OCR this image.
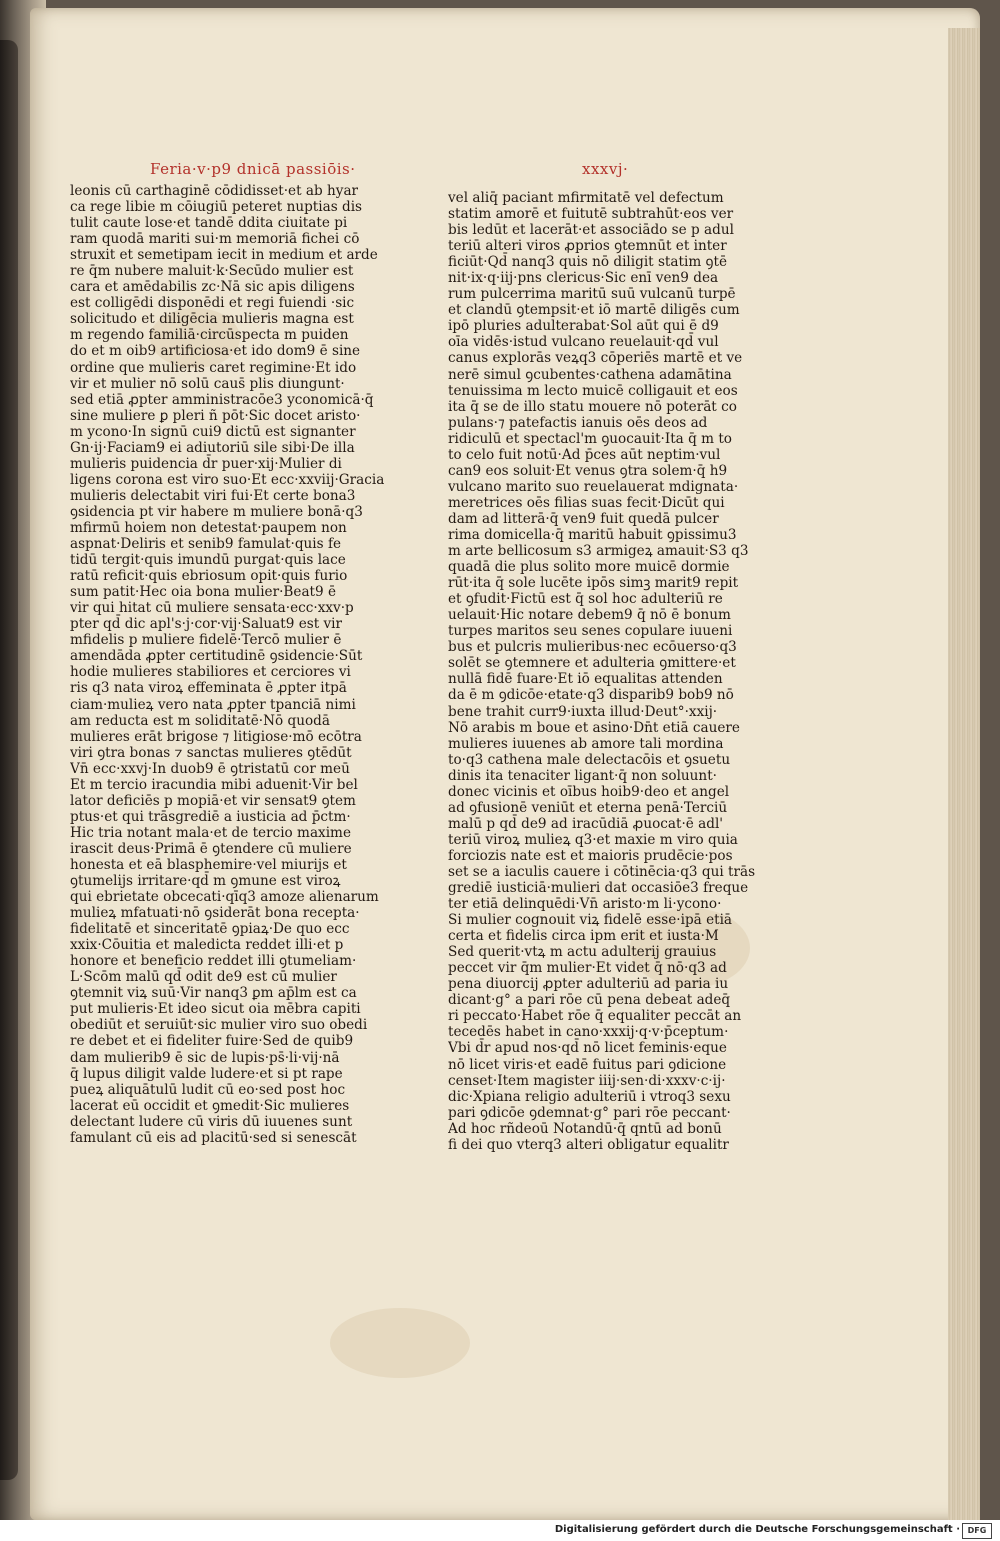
Feria·v·p9 dnicā passiōis·	xxxvj·
leonis cū carthaginē cōdidisset·et ab hyar
ca rege libie m cōiugiū peteret nuptias dis
tulit caute lose·et tandē ddita ciuitate pi
ram quodā mariti sui·m memoriā fichei cō
struxit et semetipam iecit in medium et arde
re q̄m nubere maluit·k·Secūdo mulier est
cara et amēdabilis zc·Nā sic apis diligens
est colligēdi disponēdi et regi fuiendi ·sic
solicitudo et diligēcia mulieris magna est
m regendo familiā·circūspecta m puiden
do et m oib9 artificiosa·et ido dom9 ē sine
ordine que mulieris caret regimine·Et ido
vir et mulier nō solū caus̄ plis diungunt·
sed etiā ꝓpter amministracōe3 yconomicā·q̄
sine muliere ꝑ pleri ñ pōt·Sic docet aristo·
m ycono·In signū cui9 dictū est signanter
Gn·ij·Faciam9 ei adiutoriū sile sibi·De illa
mulieris puidencia d̄r puer·xij·Mulier di
ligens corona est viro suo·Et ecc·xxviij·Gracia
mulieris delectabit viri fui·Et certe bona3
ꝯsidencia pt vir habere m muliere bonā·q3
mfirmū hoiem non detestat·paupem non
aspnat·Deliris et senib9 famulat·quis fe
tidū tergit·quis imundū purgat·quis lace
ratū reficit·quis ebriosum opit·quis furio
sum patit·Hec oia bona mulier·Beat9 ē
vir qui hitat cū muliere sensata·ecc·xxv·p
pter qd̄ dic apl's·j·cor·vij·Saluat9 est vir
mfidelis p muliere fidelē·Tercō mulier ē
amendāda ꝓpter certitudinē ꝯsidencie·Sūt
hodie mulieres stabiliores et cerciores vi
ris q3 nata viroꝝ effeminata ē ꝓpter itpā
ciam·mulieꝝ vero nata ꝓpter tpanciā nimi
am reducta est m soliditatē·Nō quodā
mulieres erāt brigose ⁊ litigiose·mō ecōtra
viri ꝯtra bonas ⁊ sanctas mulieres ꝯtēdūt
Vn̄ ecc·xxvj·In duob9 ē ꝯtristatū cor meū
Et m tercio iracundia mibi aduenit·Vir bel
lator deficiēs p mopiā·et vir sensat9 ꝯtem
ptus·et qui trāsgrediē a iusticia ad p̄ctm·
Hic tria notant mala·et de tercio maxime
irascit deus·Primā ē ꝯtendere cū muliere
honesta et eā blasphemire·vel miurijs et
ꝯtumelijs irritare·qd̄ m ꝯmune est viroꝝ
qui ebrietate obcecati·qīq3 amoze alienarum
mulieꝝ mfatuati·nō ꝯsiderāt bona recepta·
fidelitatē et sinceritatē ꝯpiaꝝ·De quo ecc
xxix·Cōuitia et maledicta reddet illi·et p
honore et beneficio reddet illi ꝯtumeliam·
L·Scōm malū qd̄ odit de9 est cū mulier
ꝯtemnit viꝝ suū·Vir nanq3 ꝑm ap̄lm est ca
put mulieris·Et ideo sicut oia mēbra capiti
obediūt et seruiūt·sic mulier viro suo obedi
re debet et ei fideliter fuire·Sed de quib9
dam mulierib9 ē sic de lupis·ps̄·li·vij·nā
q̄ lupus diligit valde ludere·et si pt rape
pueꝝ aliquātulū ludit cū eo·sed post hoc
lacerat eū occidit et ꝯmedit·Sic mulieres
delectant ludere cū viris dū iuuenes sunt
famulant cū eis ad placitū·sed si senescāt
vel aliq̄ paciant̄ mfirmitatē vel defectum
statim amorē et fuitutē subtrahūt·eos ver
bis ledūt et lacerāt·et associādo se p adul
teriū alteri viros ꝓprios ꝯtemnūt et inter
ficiūt·Qd̄ nanq3 quis nō diligit statim ꝯtē
nit·ix·q·iij·pns clericus·Sic enī ven9 dea
rum pulcerrima maritū suū vulcanū turpē
et clandū ꝯtempsit·et iō martē diligēs cum
ipō pluries adulterabat·Sol aūt qui ē d9
oīa vidēs·istud vulcano reuelauit·qd̄ vul
canus explorās veꝝq3 cōperiēs martē et ve
nerē simul ꝯcubentes·cathena adamātina
tenuissima m lecto muicē colligauit et eos
ita q̄ se de illo statu mouere nō poterāt co
pulans·⁊ patefactis ianuis oēs deos ad
ridiculū et spectacl'm ꝯuocauit·Ita q̄ m to
to celo fuit notū·Ad p̄ces aūt neptim·vul
can9 eos soluit·Et venus ꝯtra solem·q̄ h9
vulcano marito suo reuelauerat mdignata·
meretrices oēs filias suas fecit·Dicūt qui
dam ad litterā·q̄ ven9 fuit quedā pulcer
rima domicella·q̄ maritū habuit ꝯpissimu3
m arte bellicosum s3 armigeꝝ amauit·S3 q3
quadā die plus solito more muicē dormie
rūt·ita q̄ sole lucēte ipōs simꝫ marit9 repit
et ꝯfudit·Fictū est q̄ sol hoc adulteriū re
uelauit·Hic notare debem9 q̄ nō ē bonum
turpes maritos seu senes copulare iuueni
bus et pulcris mulieribus·nec ecōuerso·q3
solēt se ꝯtemnere et adulteria ꝯmittere·et
nullā fidē fuare·Et iō equalitas attenden
da ē m ꝯdicōe·etate·q3 disparib9 bob9 nō
bene trahit curr9·iuxta illud·Deut°·xxij·
Nō arabis m boue et asino·Dn̄t etiā cauere
mulieres iuuenes ab amore tali mordina
to·q3 cathena male delectacōis et ꝯsuetu
dinis ita tenaciter ligant·q̄ non soluunt·
donec vicinis et oībus hoib9·deo et angel
ad ꝯfusionē veniūt et eterna penā·Terciū
malū p qd̄ de9 ad iracūdiā ꝓuocat·ē adl'
teriū viroꝝ mulieꝝ q3·et maxie m viro quia
forciozis nate est et maioris prudēcie·pos
set se a iaculis cauere i cōtinēcia·q3 qui trās
grediē iusticiā·mulieri dat occasiōe3 freque
ter etiā delinquēdi·Vn̄ aristo·m li·ycono·
Si mulier cognouit viꝝ fidelē esse·ipā etiā
certa et fidelis circa ipm erit et iusta·M
Sed querit·vtꝝ m actu adulterij grauius
peccet vir q̄m mulier·Et videt q̄ nō·q3 ad
pena diuorcij ꝓpter adulteriū ad paria iu
dicant·g° a pari rōe cū pena debeat adeq̄
ri peccato·Habet rōe q̄ equaliter peccāt an
tecedēs habet in cano·xxxij·q·v·p̄ceptum·
Vbi d̄r apud nos·qd̄ nō licet feminis·eque
nō licet viris·et eadē fuitus pari ꝯdicione
censet·Item magister iiij·sen·di·xxxv·c·ij·
dic·Xpiana religio adulteriū i vtroq3 sexu
pari ꝯdicōe ꝯdemnat·g° pari rōe peccant·
Ad hoc rñdeoū Notandū·q̄ qntū ad bonū
fi dei quo vterq3 alteri obligatur equalitr
Digitalisierung gefördert durch die Deutsche Forschungsgemeinschaft · DFG
